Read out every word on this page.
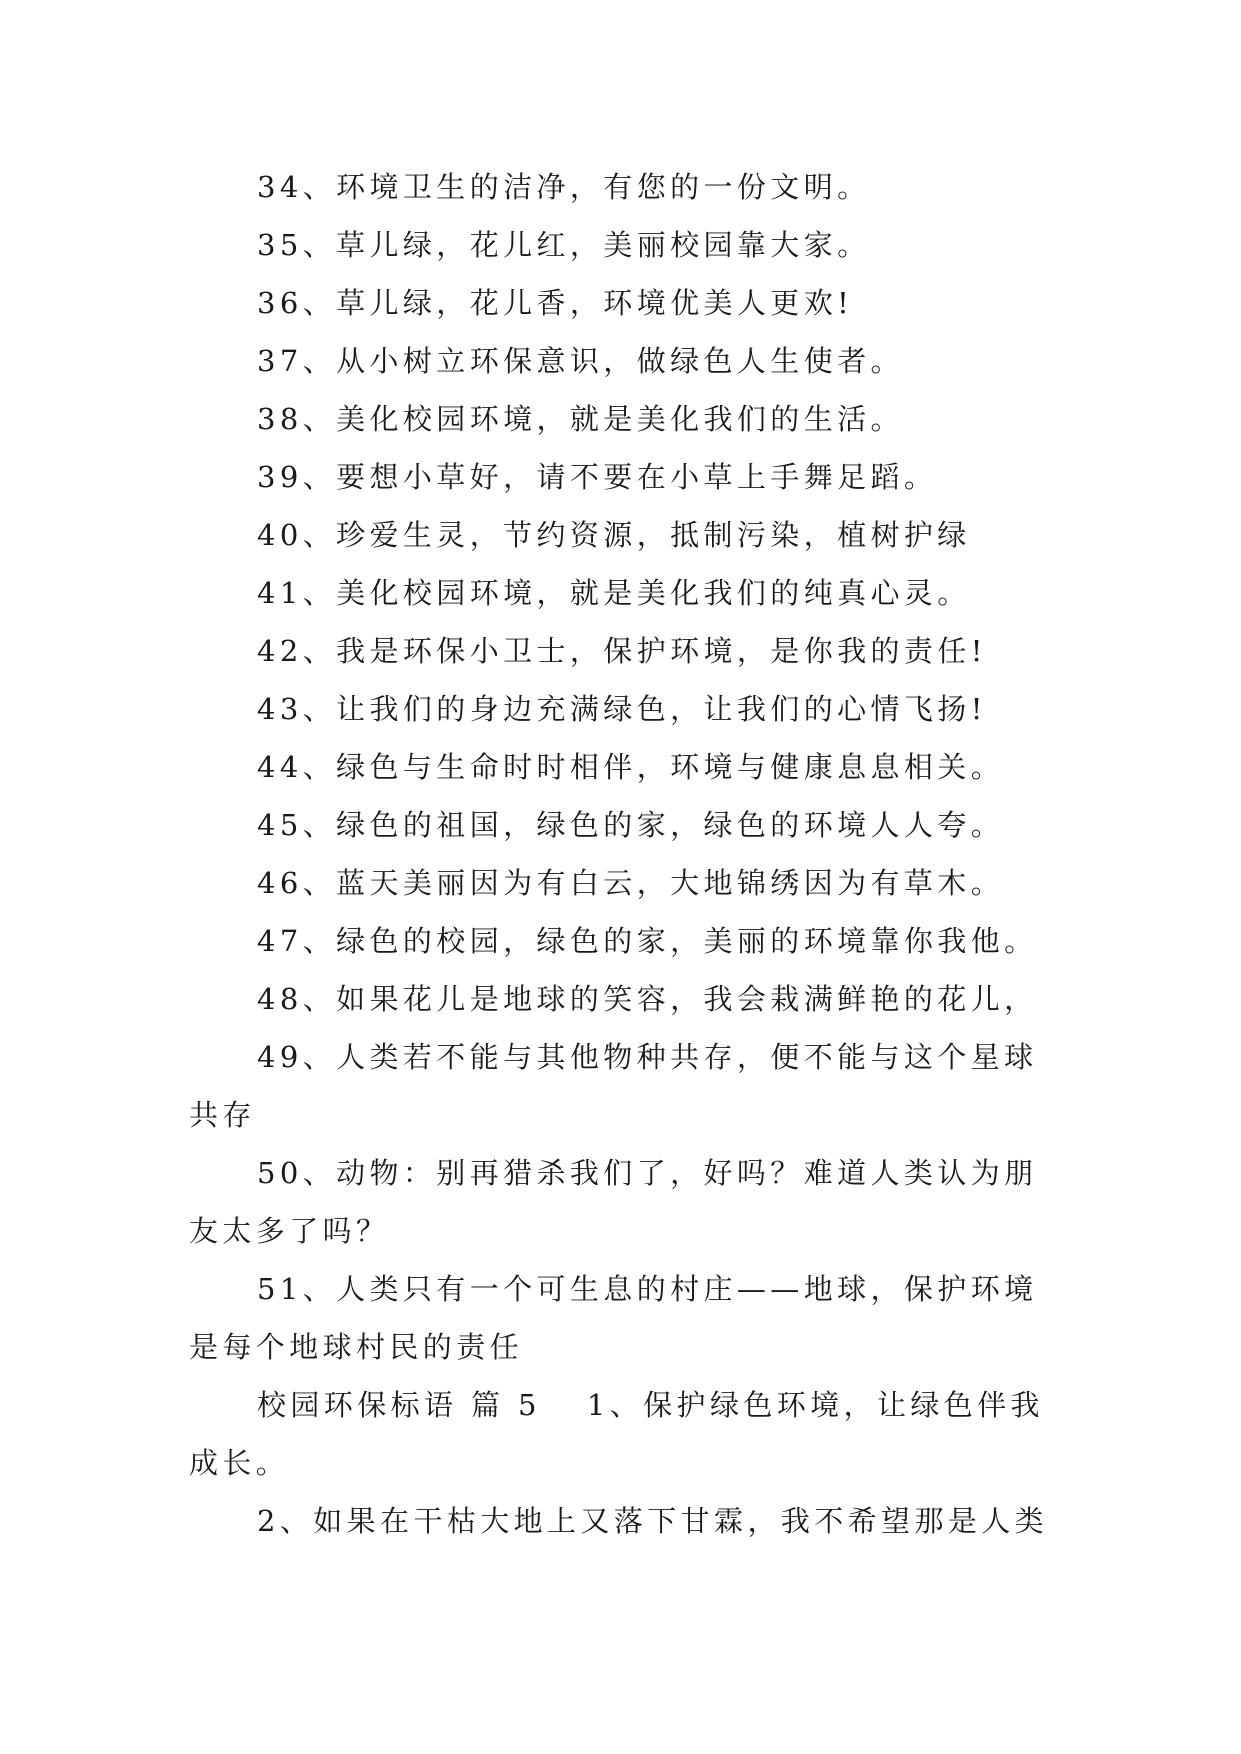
34、环境卫生的洁净，有您的一份文明。

35、草儿绿，花儿红，美丽校园靠大家。

36、草儿绿，花儿香，环境优美人更欢!

37、从小树立环保意识，做绿色人生使者。

38、美化校园环境，就是美化我们的生活。

39、要想小草好，请不要在小草上手舞足蹈。

40、珍爱生灵，节约资源，抵制污染，植树护绿

41、美化校园环境，就是美化我们的纯真心灵。

42、我是环保小卫士，保护环境，是你我的责任!

43、让我们的身边充满绿色，让我们的心情飞扬!

44、绿色与生命时时相伴，环境与健康息息相关。

45、绿色的祖国，绿色的家，绿色的环境人人夸。

46、蓝天美丽因为有白云，大地锦绣因为有草木。

47、绿色的校园，绿色的家，美丽的环境靠你我他。

48、如果花儿是地球的笑容，我会栽满鲜艳的花儿，

49、人类若不能与其他物种共存，便不能与这个星球共存

50、动物：别再猎杀我们了，好吗？难道人类认为朋友太多了吗？

51、人类只有一个可生息的村庄——地球，保护环境是每个地球村民的责任

校园环保标语 篇 5 1、保护绿色环境，让绿色伴我成长。

2、如果在干枯大地上又落下甘霖，我不希望那是人类
